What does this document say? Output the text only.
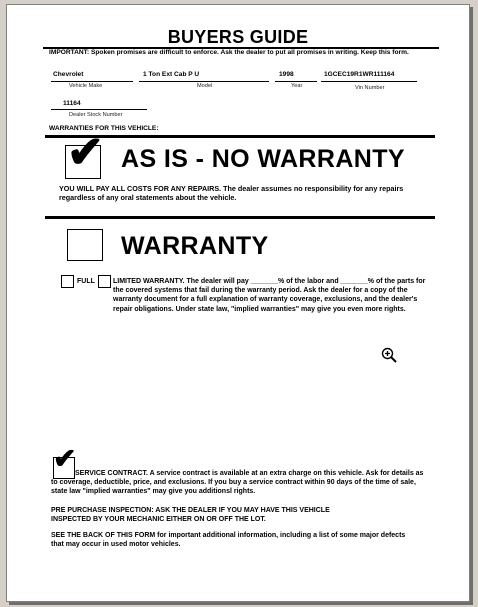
BUYERS GUIDE
IMPORTANT: Spoken promises are difficult to enforce. Ask the dealer to put all promises in writing. Keep this form.
Chevrolet
Vehicle Make
1 Ton Ext Cab P U
Model
1998
Year
1GCEC19R1WR111164
Vin Number
11164
Dealer Stock Number
WARRANTIES FOR THIS VEHICLE:
✔ AS IS - NO WARRANTY
YOU WILL PAY ALL COSTS FOR ANY REPAIRS. The dealer assumes no responsibility for any repairs regardless of any oral statements about the vehicle.
WARRANTY
FULL	LIMITED WARRANTY. The dealer will pay _______% of the labor and _______% of the parts for the covered systems that fail during the warranty period. Ask the dealer for a copy of the warranty document for a full explanation of warranty coverage, exclusions, and the dealer's repair obligations. Under state law, "implied warranties" may give you even more rights.
✔
SERVICE CONTRACT. A service contract is available at an extra charge on this vehicle. Ask for details as to coverage, deductible, price, and exclusions. If you buy a service contract within 90 days of the time of sale, state law "implied warranties" may give you additionsl rights.
PRE PURCHASE INSPECTION: ASK THE DEALER IF YOU MAY HAVE THIS VEHICLE INSPECTED BY YOUR MECHANIC EITHER ON OR OFF THE LOT.
SEE THE BACK OF THIS FORM for important additional information, including a list of some major defects that may occur in used motor vehicles.
